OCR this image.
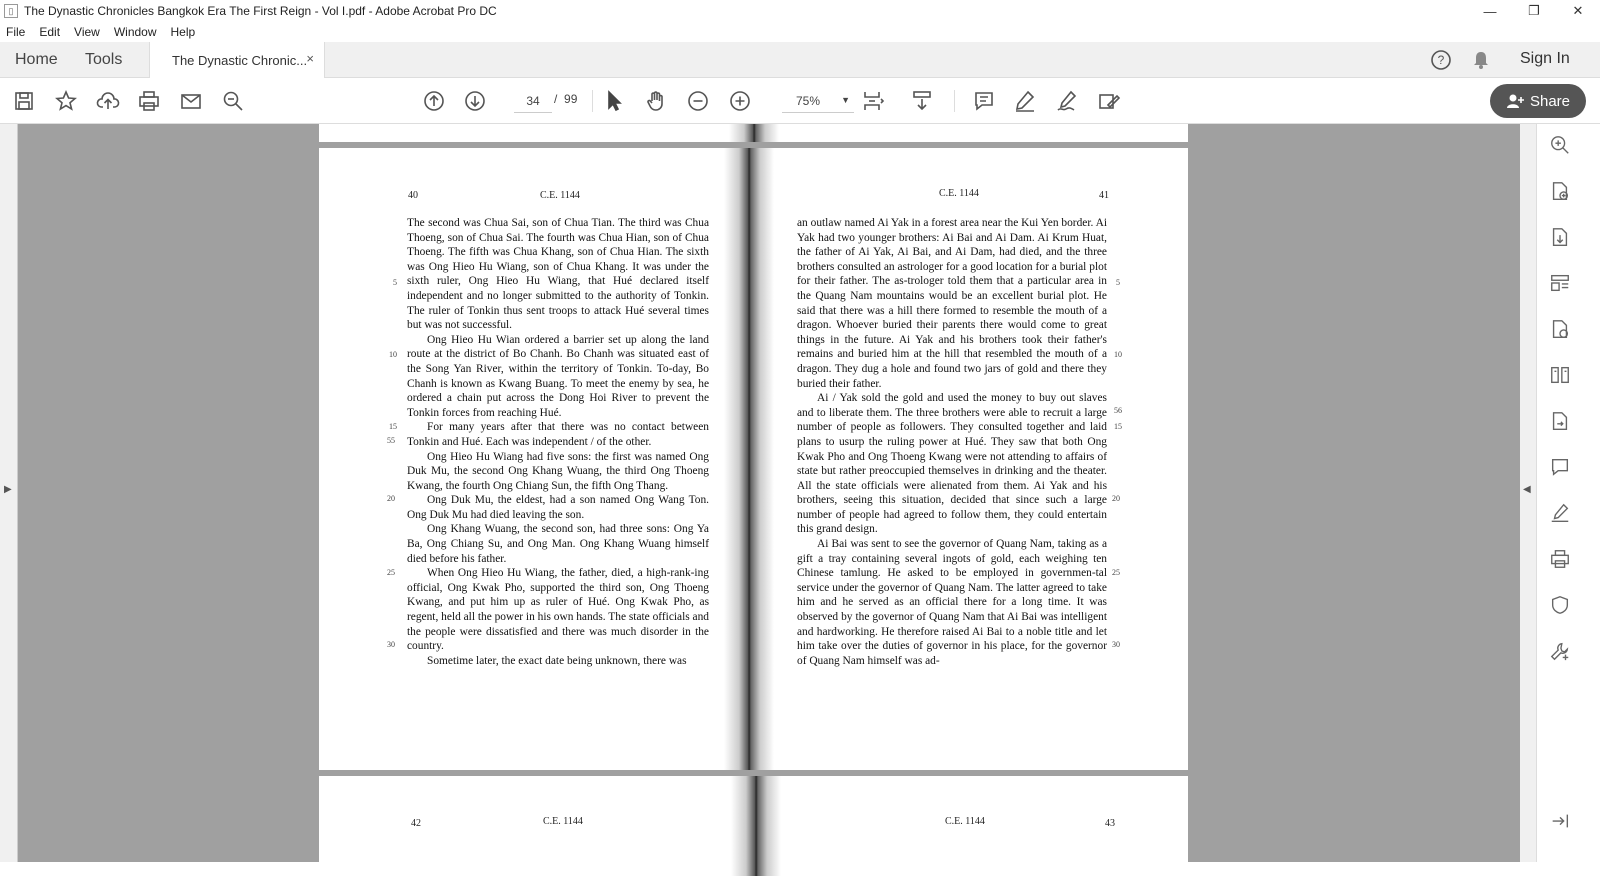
▯ The Dynastic Chronicles Bangkok Era The First Reign - Vol I.pdf - Adobe Acrobat Pro DC	—	❐	✕
File Edit View Window Help
Home Tools	The Dynastic Chronic... ×	?	Sign In
34	/ 99	75% ▼	Share
▶
40	C.E. 1144

The second was Chua Sai, son of Chua Tian. The third was Chua Thoeng, son of Chua Sai. The fourth was Chua Hian, son of Chua Thoeng. The fifth was Chua Khang, son of Chua Hian. The sixth was Ong Hieo Hu Wiang, son of Chua Khang. It was under the sixth ruler, Ong Hieo Hu Wiang, that Hué declared itself independent and no longer submitted to the authority of Tonkin. The ruler of Tonkin thus sent troops to attack Hué several times but was not successful.

Ong Hieo Hu Wian ordered a barrier set up along the land route at the district of Bo Chanh. Bo Chanh was situated east of the Song Yan River, within the territory of Tonkin. To-day, Bo Chanh is known as Kwang Buang. To meet the enemy by sea, he ordered a chain put across the Dong Hoi River to prevent the Tonkin forces from reaching Hué.

For many years after that there was no contact between Tonkin and Hué. Each was independent / of the other.

Ong Hieo Hu Wiang had five sons: the first was named Ong Duk Mu, the second Ong Khang Wuang, the third Ong Thoeng Kwang, the fourth Ong Chiang Sun, the fifth Ong Thang.

Ong Duk Mu, the eldest, had a son named Ong Wang Ton. Ong Duk Mu had died leaving the son.

Ong Khang Wuang, the second son, had three sons: Ong Ya Ba, Ong Chiang Su, and Ong Man. Ong Khang Wuang himself died before his father.

When Ong Hieo Hu Wiang, the father, died, a high-rank-ing official, Ong Kwak Pho, supported the third son, Ong Thoeng Kwang, and put him up as ruler of Hué. Ong Kwak Pho, as regent, held all the power in his own hands. The state officials and the people were dissatisfied and there was much disorder in the country.

Sometime later, the exact date being unknown, there was

5
10
15
55
20
25
30
C.E. 1144	41

an outlaw named Ai Yak in a forest area near the Kui Yen border. Ai Yak had two younger brothers: Ai Bai and Ai Dam. Ai Krum Huat, the father of Ai Yak, Ai Bai, and Ai Dam, had died, and the three brothers consulted an astrologer for a good location for a burial plot for their father. The as-trologer told them that a particular area in the Quang Nam mountains would be an excellent burial plot. He said that there was a hill there formed to resemble the mouth of a dragon. Whoever buried their parents there would come to great things in the future. Ai Yak and his brothers took their father's remains and buried him at the hill that resembled the mouth of a dragon. They dug a hole and found two jars of gold and there they buried their father.

Ai / Yak sold the gold and used the money to buy out slaves and to liberate them. The three brothers were able to recruit a large number of people as followers. They consulted together and laid plans to usurp the ruling power at Hué. They saw that both Ong Kwak Pho and Ong Thoeng Kwang were not attending to affairs of state but rather preoccupied themselves in drinking and the theater. All the state officials were alienated from them. Ai Yak and his brothers, seeing this situation, decided that since such a large number of people had agreed to follow them, they could entertain this grand design.

Ai Bai was sent to see the governor of Quang Nam, taking as a gift a tray containing several ingots of gold, each weighing ten Chinese tamlung. He asked to be employed in governmen-tal service under the governor of Quang Nam. The latter agreed to take him and he served as an official there for a long time. It was observed by the governor of Quang Nam that Ai Bai was intelligent and hardworking. He therefore raised Ai Bai to a noble title and let him take over the duties of governor in his place, for the governor of Quang Nam himself was ad-

5
10
56
15
20
25
30
42	C.E. 1144	C.E. 1144	43
◀
